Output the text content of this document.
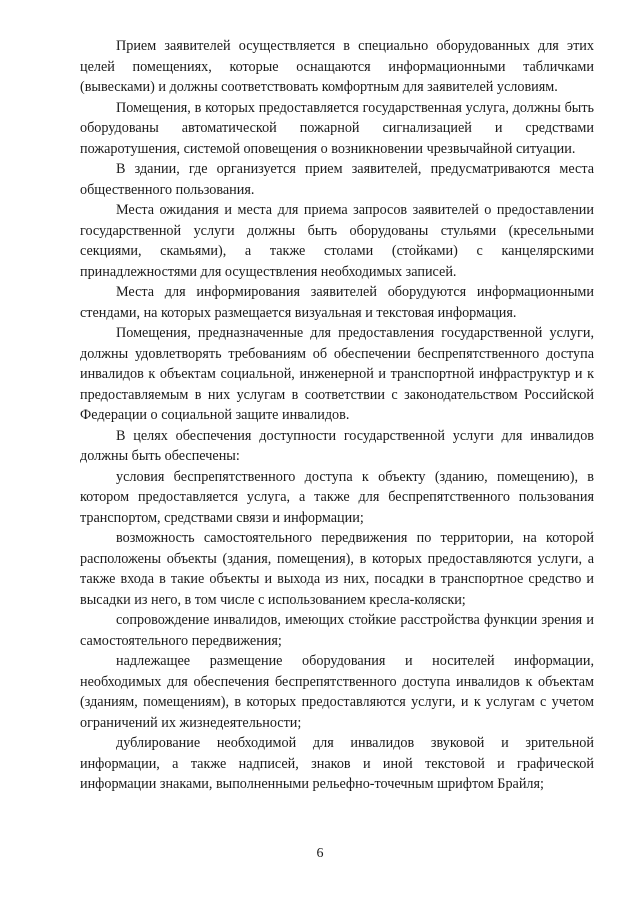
Прием заявителей осуществляется в специально оборудованных для этих целей помещениях, которые оснащаются информационными табличками (вывесками) и должны соответствовать комфортным для заявителей условиям.

Помещения, в которых предоставляется государственная услуга, должны быть оборудованы автоматической пожарной сигнализацией и средствами пожаротушения, системой оповещения о возникновении чрезвычайной ситуации.

В здании, где организуется прием заявителей, предусматриваются места общественного пользования.

Места ожидания и места для приема запросов заявителей о предоставлении государственной услуги должны быть оборудованы стульями (кресельными секциями, скамьями), а также столами (стойками) с канцелярскими принадлежностями для осуществления необходимых записей.

Места для информирования заявителей оборудуются информационными стендами, на которых размещается визуальная и текстовая информация.

Помещения, предназначенные для предоставления государственной услуги, должны удовлетворять требованиям об обеспечении беспрепятственного доступа инвалидов к объектам социальной, инженерной и транспортной инфраструктур и к предоставляемым в них услугам в соответствии с законодательством Российской Федерации о социальной защите инвалидов.

В целях обеспечения доступности государственной услуги для инвалидов должны быть обеспечены:

условия беспрепятственного доступа к объекту (зданию, помещению), в котором предоставляется услуга, а также для беспрепятственного пользования транспортом, средствами связи и информации;

возможность самостоятельного передвижения по территории, на которой расположены объекты (здания, помещения), в которых предоставляются услуги, а также входа в такие объекты и выхода из них, посадки в транспортное средство и высадки из него, в том числе с использованием кресла-коляски;

сопровождение инвалидов, имеющих стойкие расстройства функции зрения и самостоятельного передвижения;

надлежащее размещение оборудования и носителей информации, необходимых для обеспечения беспрепятственного доступа инвалидов к объектам (зданиям, помещениям), в которых предоставляются услуги, и к услугам с учетом ограничений их жизнедеятельности;

дублирование необходимой для инвалидов звуковой и зрительной информации, а также надписей, знаков и иной текстовой и графической информации знаками, выполненными рельефно-точечным шрифтом Брайля;

6
